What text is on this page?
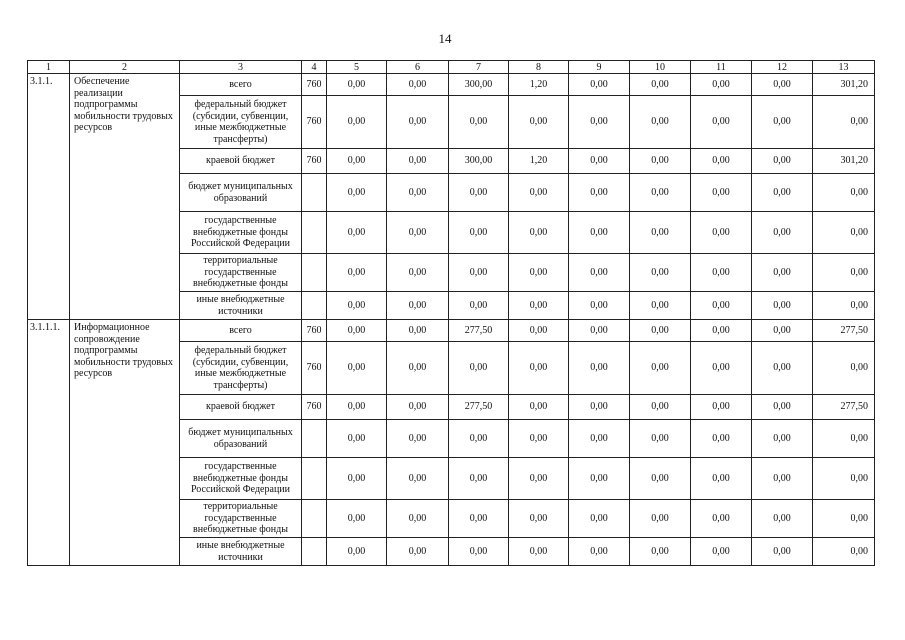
14
1	2	3	4	5	6	7	8	9	10	11	12	13
3.1.1.	Обеспечение реализации подпрограммы мобильности трудовых ресурсов	всего	760	0,00	0,00	300,00	1,20	0,00	0,00	0,00	0,00	301,20
		федеральный бюджет (субсидии, субвенции, иные межбюджетные трансферты)	760	0,00	0,00	0,00	0,00	0,00	0,00	0,00	0,00	0,00
		краевой бюджет	760	0,00	0,00	300,00	1,20	0,00	0,00	0,00	0,00	301,20
		бюджет муниципальных образований		0,00	0,00	0,00	0,00	0,00	0,00	0,00	0,00	0,00
		государственные внебюджетные фонды Российской Федерации		0,00	0,00	0,00	0,00	0,00	0,00	0,00	0,00	0,00
		территориальные государственные внебюджетные фонды		0,00	0,00	0,00	0,00	0,00	0,00	0,00	0,00	0,00
		иные внебюджетные источники		0,00	0,00	0,00	0,00	0,00	0,00	0,00	0,00	0,00
3.1.1.1.	Информационное сопровождение подпрограммы мобильности трудовых ресурсов	всего	760	0,00	0,00	277,50	0,00	0,00	0,00	0,00	0,00	277,50
		федеральный бюджет (субсидии, субвенции, иные межбюджетные трансферты)	760	0,00	0,00	0,00	0,00	0,00	0,00	0,00	0,00	0,00
		краевой бюджет	760	0,00	0,00	277,50	0,00	0,00	0,00	0,00	0,00	277,50
		бюджет муниципальных образований		0,00	0,00	0,00	0,00	0,00	0,00	0,00	0,00	0,00
		государственные внебюджетные фонды Российской Федерации		0,00	0,00	0,00	0,00	0,00	0,00	0,00	0,00	0,00
		территориальные государственные внебюджетные фонды		0,00	0,00	0,00	0,00	0,00	0,00	0,00	0,00	0,00
		иные внебюджетные источники		0,00	0,00	0,00	0,00	0,00	0,00	0,00	0,00	0,00
